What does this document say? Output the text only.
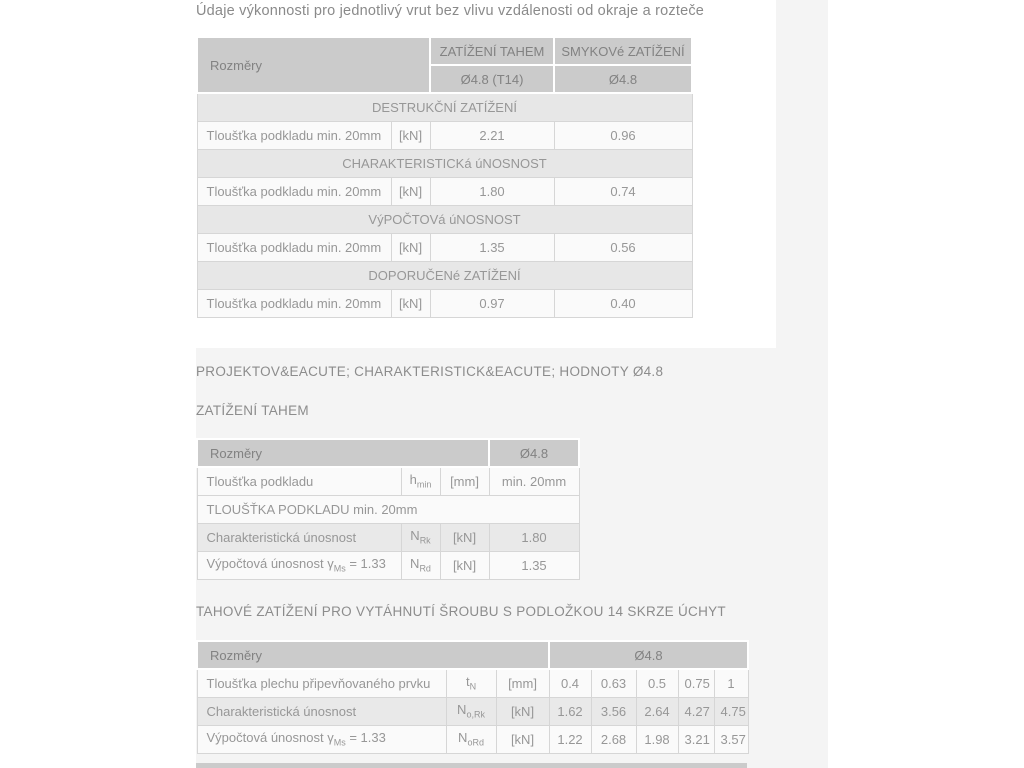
Údaje výkonnosti pro jednotlivý vrut bez vlivu vzdálenosti od okraje a rozteče
Rozměry		ZATÍŽENÍ TAHEM	SMYKOVé ZATÍŽENÍ
		Ø4.8 (T14)	Ø4.8
DESTRUKČNÍ ZATÍŽENÍ			
Tloušťka podkladu min. 20mm	[kN]	2.21	0.96
CHARAKTERISTICKá úNOSNOST			
Tloušťka podkladu min. 20mm	[kN]	1.80	0.74
VýPOČTOVá úNOSNOST			
Tloušťka podkladu min. 20mm	[kN]	1.35	0.56
DOPORUČENé ZATÍŽENÍ			
Tloušťka podkladu min. 20mm	[kN]	0.97	0.40
PROJEKTOV&EACUTE; CHARAKTERISTICK&EACUTE; HODNOTY Ø4.8
ZATÍŽENÍ TAHEM
Rozměry			Ø4.8
Tloušťka podkladu	$h_{min}$	[mm]	min. 20mm
TLOUŠŤKA PODKLADU min. 20mm			
Charakteristická únosnost	$N_{Rk}$	[kN]	1.80
Výpočtová únosnost $\gamma_{Ms} = 1.33$	$N_{Rd}$	[kN]	1.35
TAHOVÉ ZATÍŽENÍ PRO VYTÁHNUTÍ ŠROUBU S PODLOŽKOU 14 SKRZE ÚCHYT
Rozměry			Ø4.8				
Tloušťka plechu připevňovaného prvku	$t_N$	[mm]	0.4	0.63	0.5	0.75	1
Charakteristická únosnost	$N_{o,Rk}$	[kN]	1.62	3.56	2.64	4.27	4.75
Výpočtová únosnost $\gamma_{Ms} = 1.33$	$N_{oRd}$	[kN]	1.22	2.68	1.98	3.21	3.57
